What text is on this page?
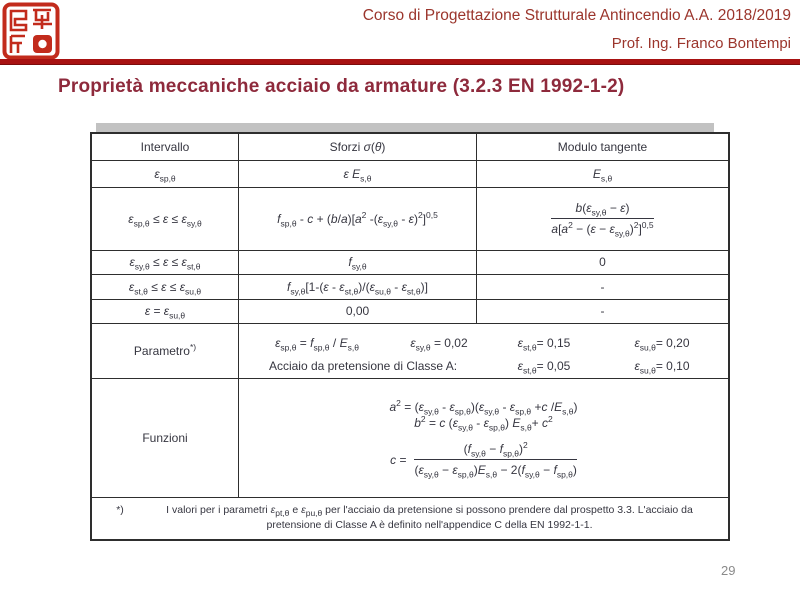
Corso di Progettazione Strutturale Antincendio A.A. 2018/2019
Prof. Ing. Franco Bontempi
Proprietà meccaniche acciaio da armature (3.2.3 EN 1992-1-2)
Intervallo	Sforzi σ(θ)	Modulo tangente
$\varepsilon_{sp,\theta}$	ε $E_{s,\theta}$	$E_{s,\theta}$
$\varepsilon_{sp,\theta} \le \varepsilon \le \varepsilon_{sy,\theta}$	$f_{sp,\theta} - c + (b/a)[a^2$ $-(\varepsilon_{sy,\theta} - \varepsilon)^2]^{0,5}$	$\frac{b(\varepsilon_{sy,\theta} - \varepsilon)}{a[a^2 - (\varepsilon - \varepsilon_{sy,\theta})^2]^{0,5}}$

$\varepsilon_{sy,\theta} \le \varepsilon \le \varepsilon_{st,\theta}$	$f_{sy,\theta}$	0
$\varepsilon_{st,\theta} \le \varepsilon \le \varepsilon_{su,\theta}$	$f_{sy,\theta}[1-(\varepsilon - \varepsilon_{st,\theta})/(\varepsilon_{su,\theta} - \varepsilon_{st,\theta})]$	-
$\varepsilon = \varepsilon_{su,\theta}$	0,00	-
Parametro*)	$\varepsilon_{sp,\theta} = f_{sp,\theta} / E_{s,\theta}$	$\varepsilon_{sy,\theta} = 0,02$	$\varepsilon_{st,\theta}= 0,15$	$\varepsilon_{su,\theta}= 0,20$
Acciaio da pretensione di Classe A:	$\varepsilon_{st,\theta}= 0,05$	$\varepsilon_{su,\theta}= 0,10$

Funzioni	$a^2 = (\varepsilon_{sy,\theta} - \varepsilon_{sp,\theta})(\varepsilon_{sy,\theta} - \varepsilon_{sp,\theta} +c$ $/E_{s,\theta}$)
$b^2 = c$ $(\varepsilon_{sy,\theta} - \varepsilon_{sp,\theta})$ $E_{s,\theta}+ c^2$
$c = \frac{(f_{sy,\theta} - f_{sp,\theta})^2}{(\varepsilon_{sy,\theta} - \varepsilon_{sp,\theta})E_{s,\theta} - 2(f_{sy,\theta} - f_{sp,\theta})}$

*) I valori per i parametri $\varepsilon_{pt,\theta}$ e $\varepsilon_{pu,\theta}$ per l'acciaio da pretensione si possono prendere dal prospetto 3.3. L'acciaio da pretensione di Classe A è definito nell'appendice C della EN 1992-1-1.		
29
